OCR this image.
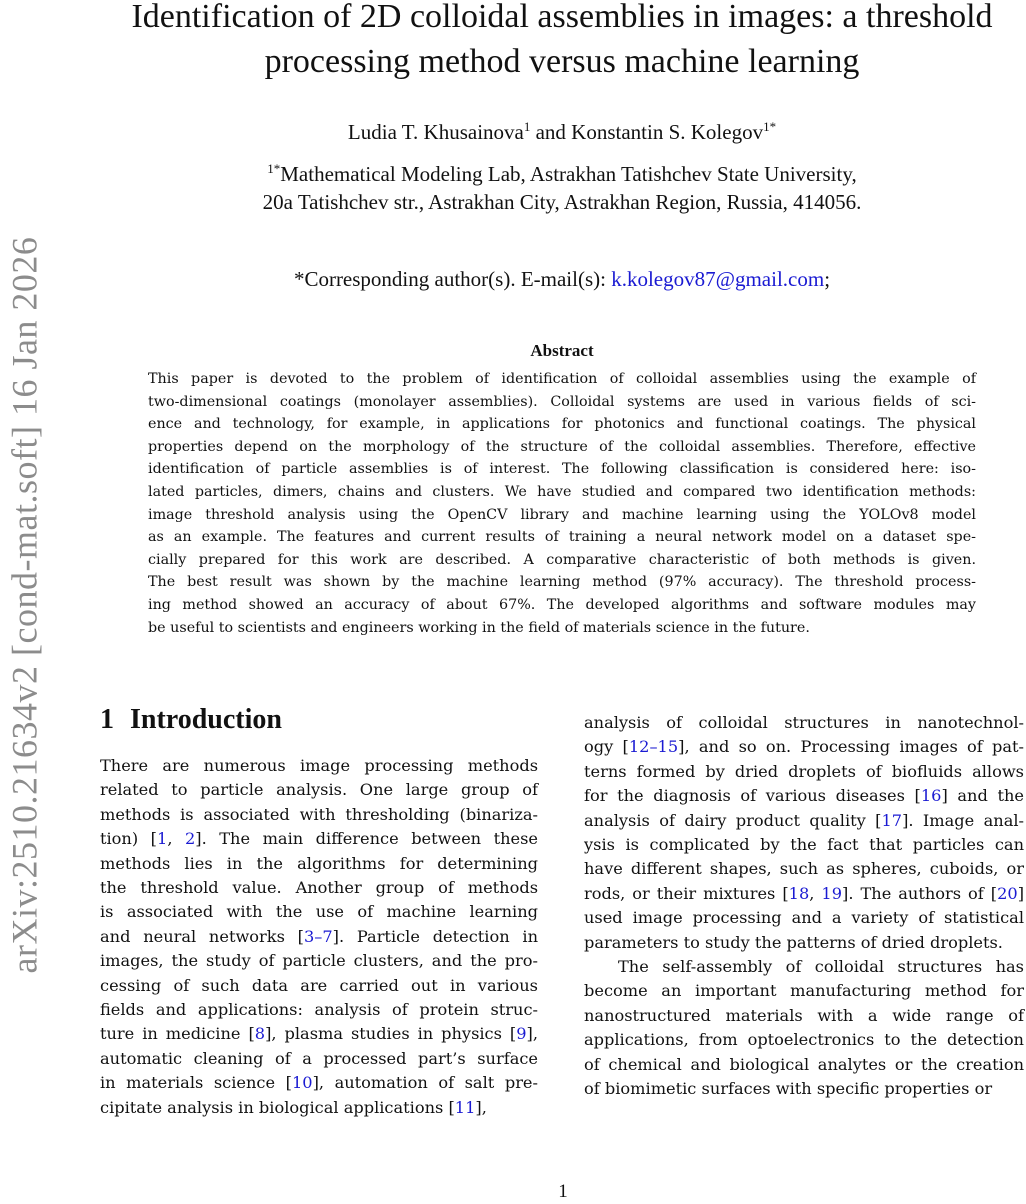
arXiv:2510.21634v2 [cond-mat.soft] 16 Jan 2026
Identification of 2D colloidal assemblies in images: a threshold
processing method versus machine learning
Ludia T. Khusainova$^1$ and Konstantin S. Kolegov$^{1*}$
$^{1*}$Mathematical Modeling Lab, Astrakhan Tatishchev State University,
20a Tatishchev str., Astrakhan City, Astrakhan Region, Russia, 414056.
*Corresponding author(s). E-mail(s): k.kolegov87@gmail.com;
Abstract
This paper is devoted to the problem of identification of colloidal assemblies using the example of
two-dimensional coatings (monolayer assemblies). Colloidal systems are used in various fields of sci-
ence and technology, for example, in applications for photonics and functional coatings. The physical
properties depend on the morphology of the structure of the colloidal assemblies. Therefore, effective
identification of particle assemblies is of interest. The following classification is considered here: iso-
lated particles, dimers, chains and clusters. We have studied and compared two identification methods:
image threshold analysis using the OpenCV library and machine learning using the YOLOv8 model
as an example. The features and current results of training a neural network model on a dataset spe-
cially prepared for this work are described. A comparative characteristic of both methods is given.
The best result was shown by the machine learning method (97% accuracy). The threshold process-
ing method showed an accuracy of about 67%. The developed algorithms and software modules may
be useful to scientists and engineers working in the field of materials science in the future.
1 Introduction
There are numerous image processing methods
related to particle analysis. One large group of
methods is associated with thresholding (binariza-
tion) [1, 2]. The main difference between these
methods lies in the algorithms for determining
the threshold value. Another group of methods
is associated with the use of machine learning
and neural networks [3–7]. Particle detection in
images, the study of particle clusters, and the pro-
cessing of such data are carried out in various
fields and applications: analysis of protein struc-
ture in medicine [8], plasma studies in physics [9],
automatic cleaning of a processed part’s surface
in materials science [10], automation of salt pre-
cipitate analysis in biological applications [11],
analysis of colloidal structures in nanotechnol-
ogy [12–15], and so on. Processing images of pat-
terns formed by dried droplets of biofluids allows
for the diagnosis of various diseases [16] and the
analysis of dairy product quality [17]. Image anal-
ysis is complicated by the fact that particles can
have different shapes, such as spheres, cuboids, or
rods, or their mixtures [18, 19]. The authors of [20]
used image processing and a variety of statistical
parameters to study the patterns of dried droplets.
The self-assembly of colloidal structures has
become an important manufacturing method for
nanostructured materials with a wide range of
applications, from optoelectronics to the detection
of chemical and biological analytes or the creation
of biomimetic surfaces with specific properties or
1
